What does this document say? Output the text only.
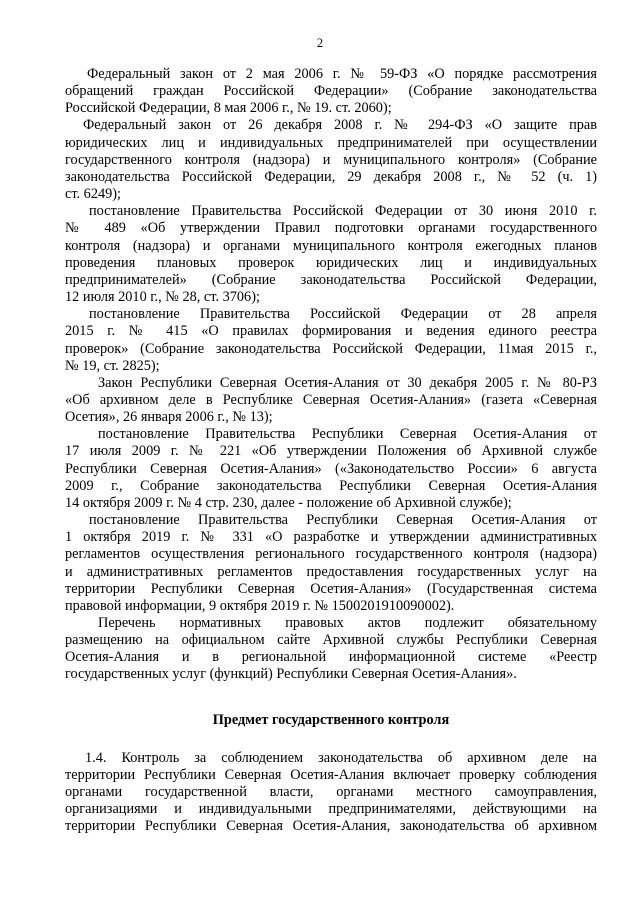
2

Федеральный закон от 2 мая 2006 г. № 59-ФЗ «О порядке рассмотрения
обращений граждан Российской Федерации» (Собрание законодательства
Российской Федерации, 8 мая 2006 г., № 19. ст. 2060);

Федеральный закон от 26 декабря 2008 г. № 294-ФЗ «О защите прав
юридических лиц и индивидуальных предпринимателей при осуществлении
государственного контроля (надзора) и муниципального контроля» (Собрание
законодательства Российской Федерации, 29 декабря 2008 г., № 52 (ч. 1)
ст. 6249);

постановление Правительства Российской Федерации от 30 июня 2010 г.
№ 489 «Об утверждении Правил подготовки органами государственного
контроля (надзора) и органами муниципального контроля ежегодных планов
проведения плановых проверок юридических лиц и индивидуальных
предпринимателей» (Собрание законодательства Российской Федерации,
12 июля 2010 г., № 28, ст. 3706);

постановление Правительства Российской Федерации от 28 апреля
2015 г. № 415 «О правилах формирования и ведения единого реестра
проверок» (Собрание законодательства Российской Федерации, 11мая 2015 г.,
№ 19, ст. 2825);

Закон Республики Северная Осетия-Алания от 30 декабря 2005 г. № 80-РЗ
«Об архивном деле в Республике Северная Осетия-Алания» (газета «Северная
Осетия», 26 января 2006 г., № 13);

постановление Правительства Республики Северная Осетия-Алания от
17 июля 2009 г. № 221 «Об утверждении Положения об Архивной службе
Республики Северная Осетия-Алания» («Законодательство России» 6 августа
2009 г., Собрание законодательства Республики Северная Осетия-Алания
14 октября 2009 г. № 4 стр. 230, далее - положение об Архивной службе);

постановление Правительства Республики Северная Осетия-Алания от
1 октября 2019 г. № 331 «О разработке и утверждении административных
регламентов осуществления регионального государственного контроля (надзора)
и административных регламентов предоставления государственных услуг на
территории Республики Северная Осетия-Алания» (Государственная система
правовой информации, 9 октября 2019 г. № 1500201910090002).

Перечень нормативных правовых актов подлежит обязательному
размещению на официальном сайте Архивной службы Республики Северная
Осетия-Алания и в региональной информационной системе «Реестр
государственных услуг (функций) Республики Северная Осетия-Алания».

Предмет государственного контроля

1.4. Контроль за соблюдением законодательства об архивном деле на
территории Республики Северная Осетия-Алания включает проверку соблюдения
органами государственной власти, органами местного самоуправления,
организациями и индивидуальными предпринимателями, действующими на
территории Республики Северная Осетия-Алания, законодательства об архивном
